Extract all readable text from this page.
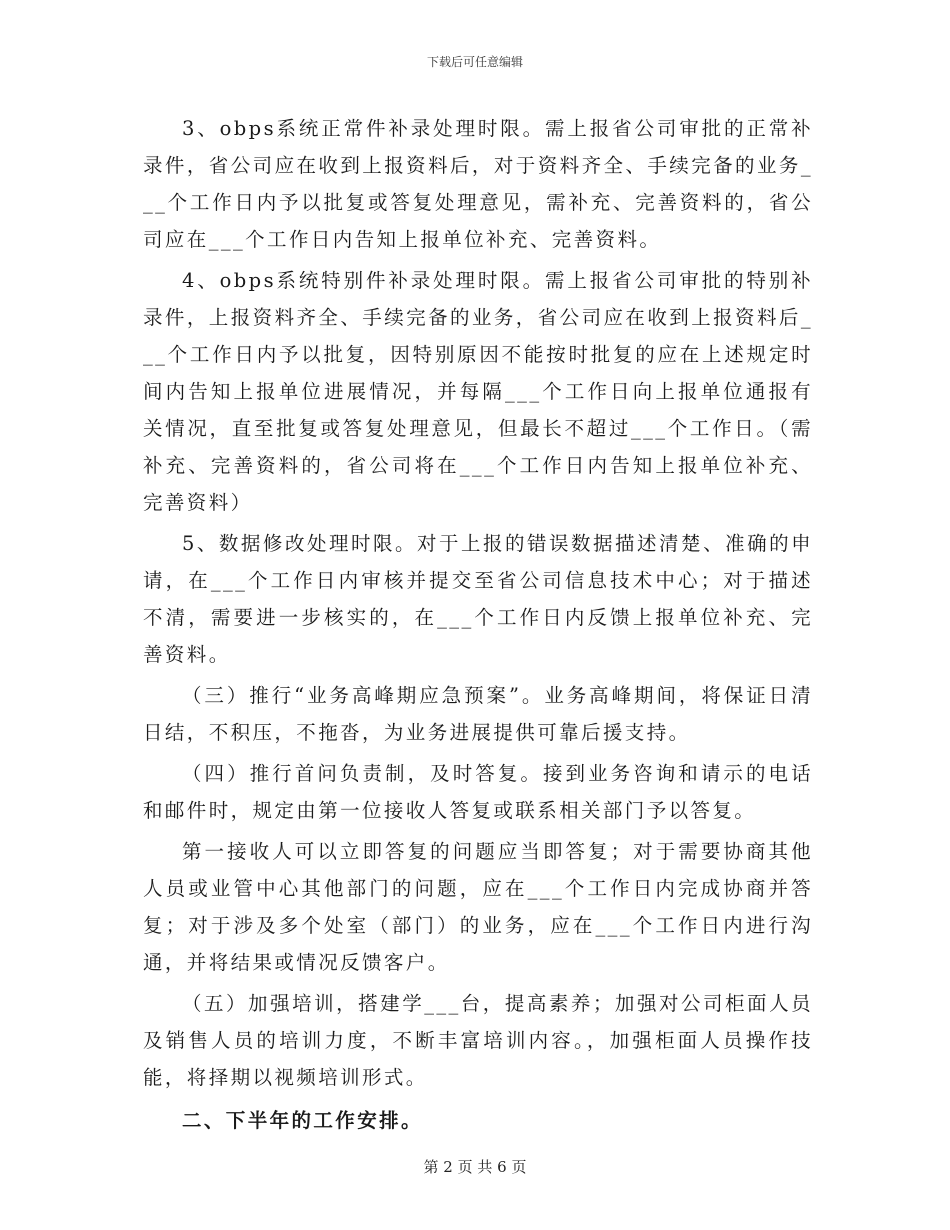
下载后可任意编辑

3、obps系统正常件补录处理时限。需上报省公司审批的正常补录件，省公司应在收到上报资料后，对于资料齐全、手续完备的业务___个工作日内予以批复或答复处理意见，需补充、完善资料的，省公司应在___个工作日内告知上报单位补充、完善资料。

4、obps系统特别件补录处理时限。需上报省公司审批的特别补录件，上报资料齐全、手续完备的业务，省公司应在收到上报资料后___个工作日内予以批复，因特别原因不能按时批复的应在上述规定时间内告知上报单位进展情况，并每隔___个工作日向上报单位通报有关情况，直至批复或答复处理意见，但最长不超过___个工作日。（需补充、完善资料的，省公司将在___个工作日内告知上报单位补充、完善资料）

5、数据修改处理时限。对于上报的错误数据描述清楚、准确的申请，在___个工作日内审核并提交至省公司信息技术中心；对于描述不清，需要进一步核实的，在___个工作日内反馈上报单位补充、完善资料。

（三）推行“业务高峰期应急预案”。业务高峰期间，将保证日清日结，不积压，不拖沓，为业务进展提供可靠后援支持。

（四）推行首问负责制，及时答复。接到业务咨询和请示的电话和邮件时，规定由第一位接收人答复或联系相关部门予以答复。

第一接收人可以立即答复的问题应当即答复；对于需要协商其他人员或业管中心其他部门的问题，应在___个工作日内完成协商并答复；对于涉及多个处室（部门）的业务，应在___个工作日内进行沟通，并将结果或情况反馈客户。

（五）加强培训，搭建学___台，提高素养；加强对公司柜面人员及销售人员的培训力度，不断丰富培训内容。，加强柜面人员操作技能，将择期以视频培训形式。

二、下半年的工作安排。

第 2 页 共 6 页
